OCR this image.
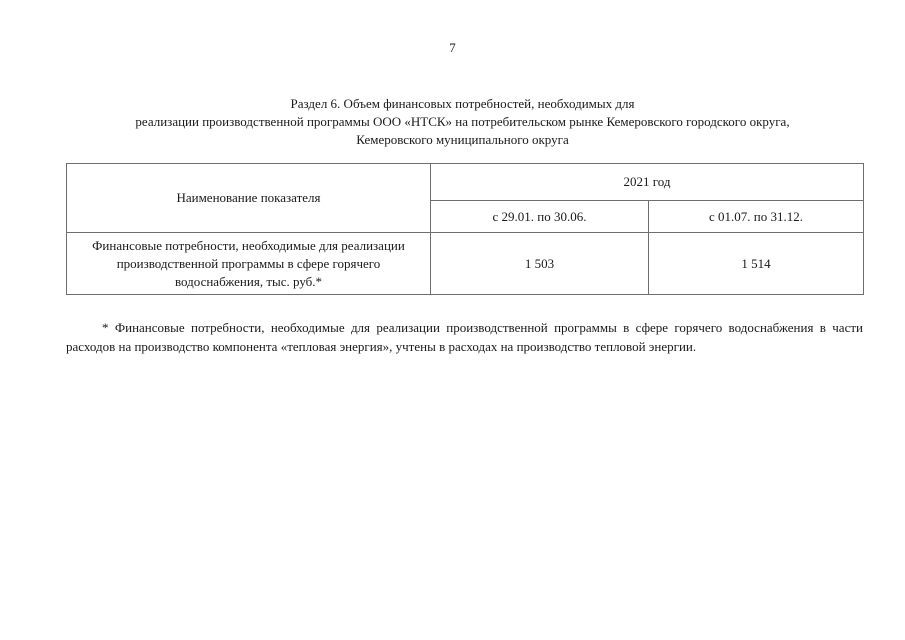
7
Раздел 6. Объем финансовых потребностей, необходимых для
реализации производственной программы ООО «НТСК» на потребительском рынке Кемеровского городского округа,
Кемеровского муниципального округа
Наименование показателя	2021 год	
	с 29.01. по 30.06.	с 01.07. по 31.12.
Финансовые потребности, необходимые для реализации производственной программы в сфере горячего водоснабжения, тыс. руб.*	1 503	1 514
* Финансовые потребности, необходимые для реализации производственной программы в сфере горячего водоснабжения в части расходов на производство компонента «тепловая энергия», учтены в расходах на производство тепловой энергии.
